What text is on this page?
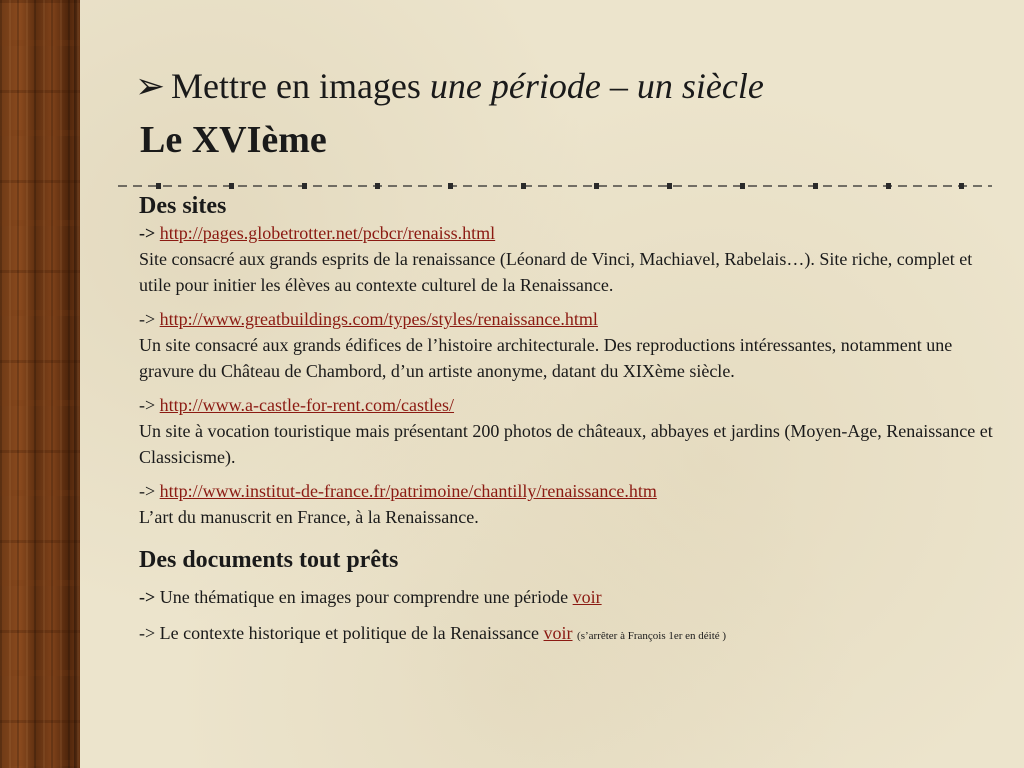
➢ Mettre en images une période – un siècle
Le XVIème
Des sites

-> http://pages.globetrotter.net/pcbcr/renaiss.html

Site consacré aux grands esprits de la renaissance (Léonard de Vinci, Machiavel, Rabelais…). Site riche, complet et utile pour initier les élèves au contexte culturel de la Renaissance.

-> http://www.greatbuildings.com/types/styles/renaissance.html

Un site consacré aux grands édifices de l’histoire architecturale. Des reproductions intéressantes, notamment une gravure du Château de Chambord, d’un artiste anonyme, datant du XIXème siècle.

-> http://www.a-castle-for-rent.com/castles/

Un site à vocation touristique mais présentant 200 photos de châteaux, abbayes et jardins (Moyen-Age, Renaissance et Classicisme).

-> http://www.institut-de-france.fr/patrimoine/chantilly/renaissance.htm

L’art du manuscrit en France, à la Renaissance.

Des documents tout prêts

-> Une thématique en images pour comprendre une période voir

-> Le contexte historique et politique de la Renaissance voir (s’arrêter à François 1er en déité )
